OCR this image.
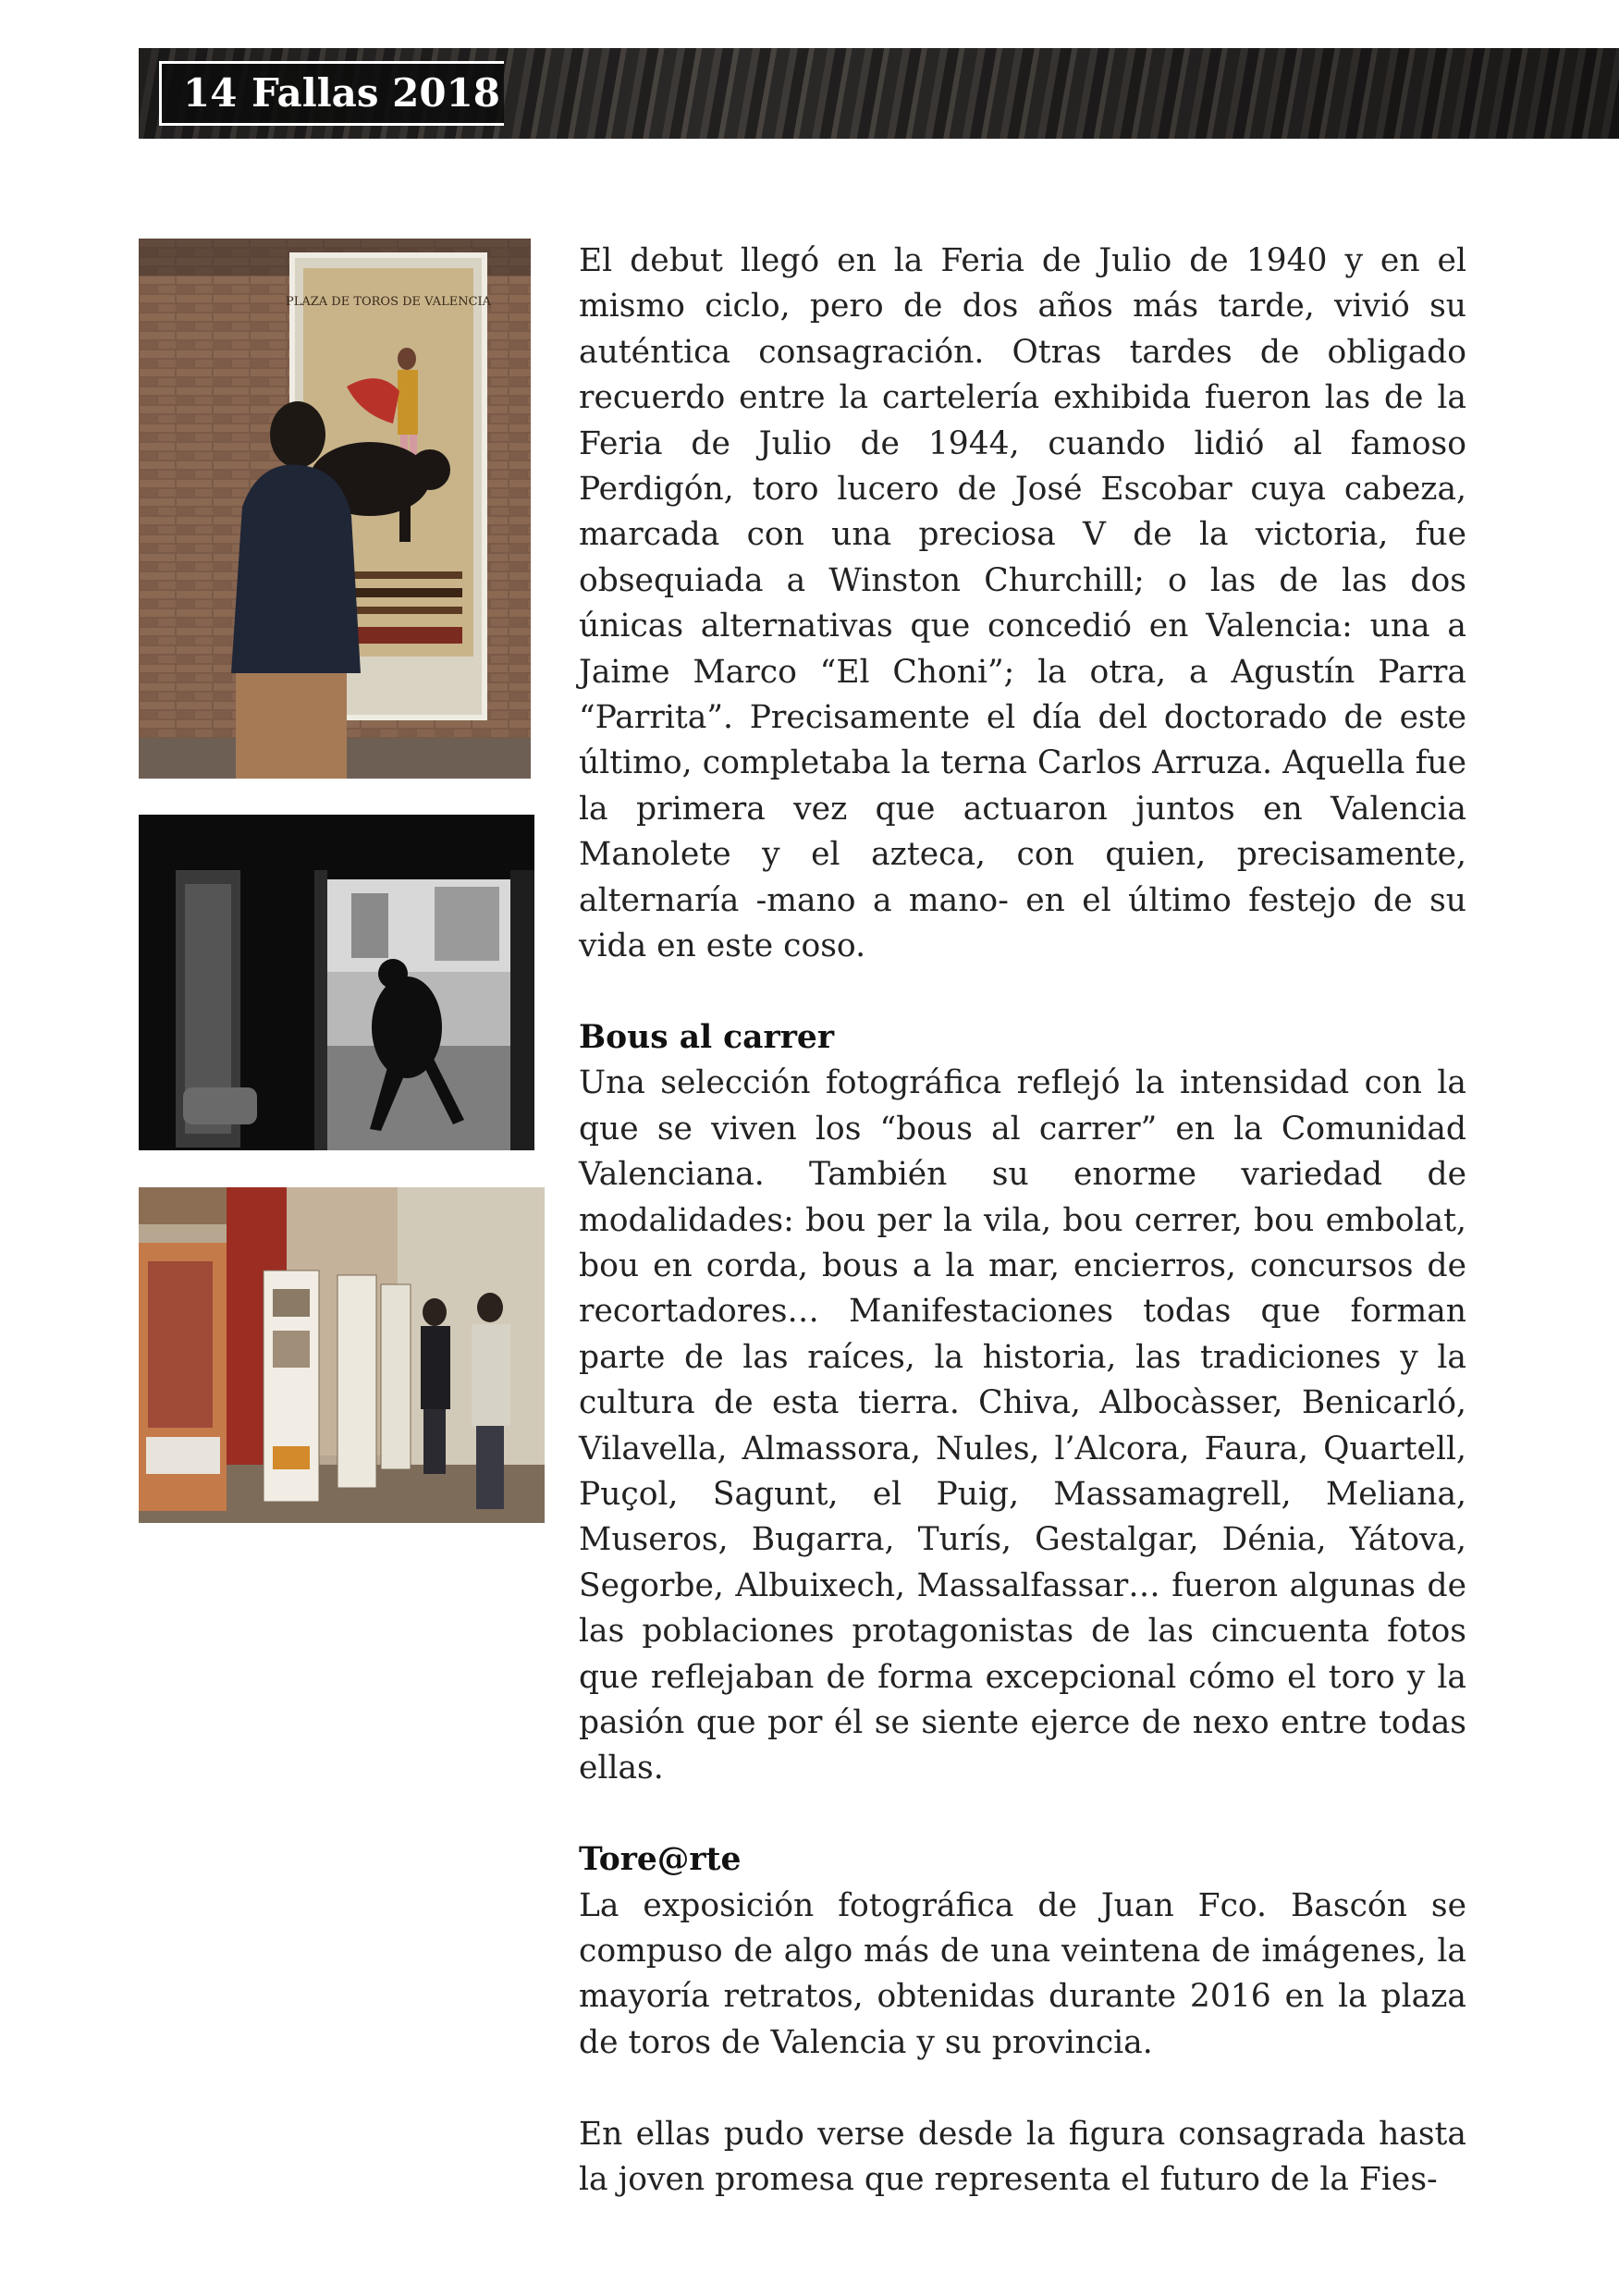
14 Fallas 2018
PLAZA DE TOROS DE VALENCIA

El debut llegó en la Feria de Julio de 1940 y en el mismo ciclo, pero de dos años más tarde, vivió su auténtica consagración. Otras tardes de obligado recuerdo entre la cartelería exhibida fueron las de la Feria de Julio de 1944, cuando lidió al famoso Perdigón, toro lucero de José Escobar cuya cabeza, marcada con una preciosa V de la victoria, fue obsequiada a Winston Churchill; o las de las dos únicas alternativas que concedió en Valencia: una a Jaime Marco “El Choni”; la otra, a Agustín Parra “Parrita”. Precisamente el día del doctorado de este último, completaba la terna Carlos Arruza. Aquella fue la primera vez que actuaron juntos en Valencia Manolete y el azteca, con quien, precisamente, alternaría -mano a mano- en el último festejo de su vida en este coso.

Bous al carrer

Una selección fotográfica reflejó la intensidad con la que se viven los “bous al carrer” en la Comunidad Valenciana. También su enorme variedad de modalidades: bou per la vila, bou cerrer, bou embolat, bou en corda, bous a la mar, encierros, concursos de recortadores… Manifestaciones todas que forman parte de las raíces, la historia, las tradiciones y la cultura de esta tierra. Chiva, Albocàsser, Benicarló, Vilavella, Almassora, Nules, l’Alcora, Faura, Quartell, Puçol, Sagunt, el Puig, Massamagrell, Meliana, Museros, Bugarra, Turís, Gestalgar, Dénia, Yátova, Segorbe, Albuixech, Massalfassar… fueron algunas de las poblaciones protagonistas de las cincuenta fotos que reflejaban de forma excepcional cómo el toro y la pasión que por él se siente ejerce de nexo entre todas ellas.

Tore@rte

La exposición fotográfica de Juan Fco. Bascón se compuso de algo más de una veintena de imágenes, la mayoría retratos, obtenidas durante 2016 en la plaza de toros de Valencia y su provincia.

En ellas pudo verse desde la figura consagrada hasta la joven promesa que representa el futuro de la Fies-
